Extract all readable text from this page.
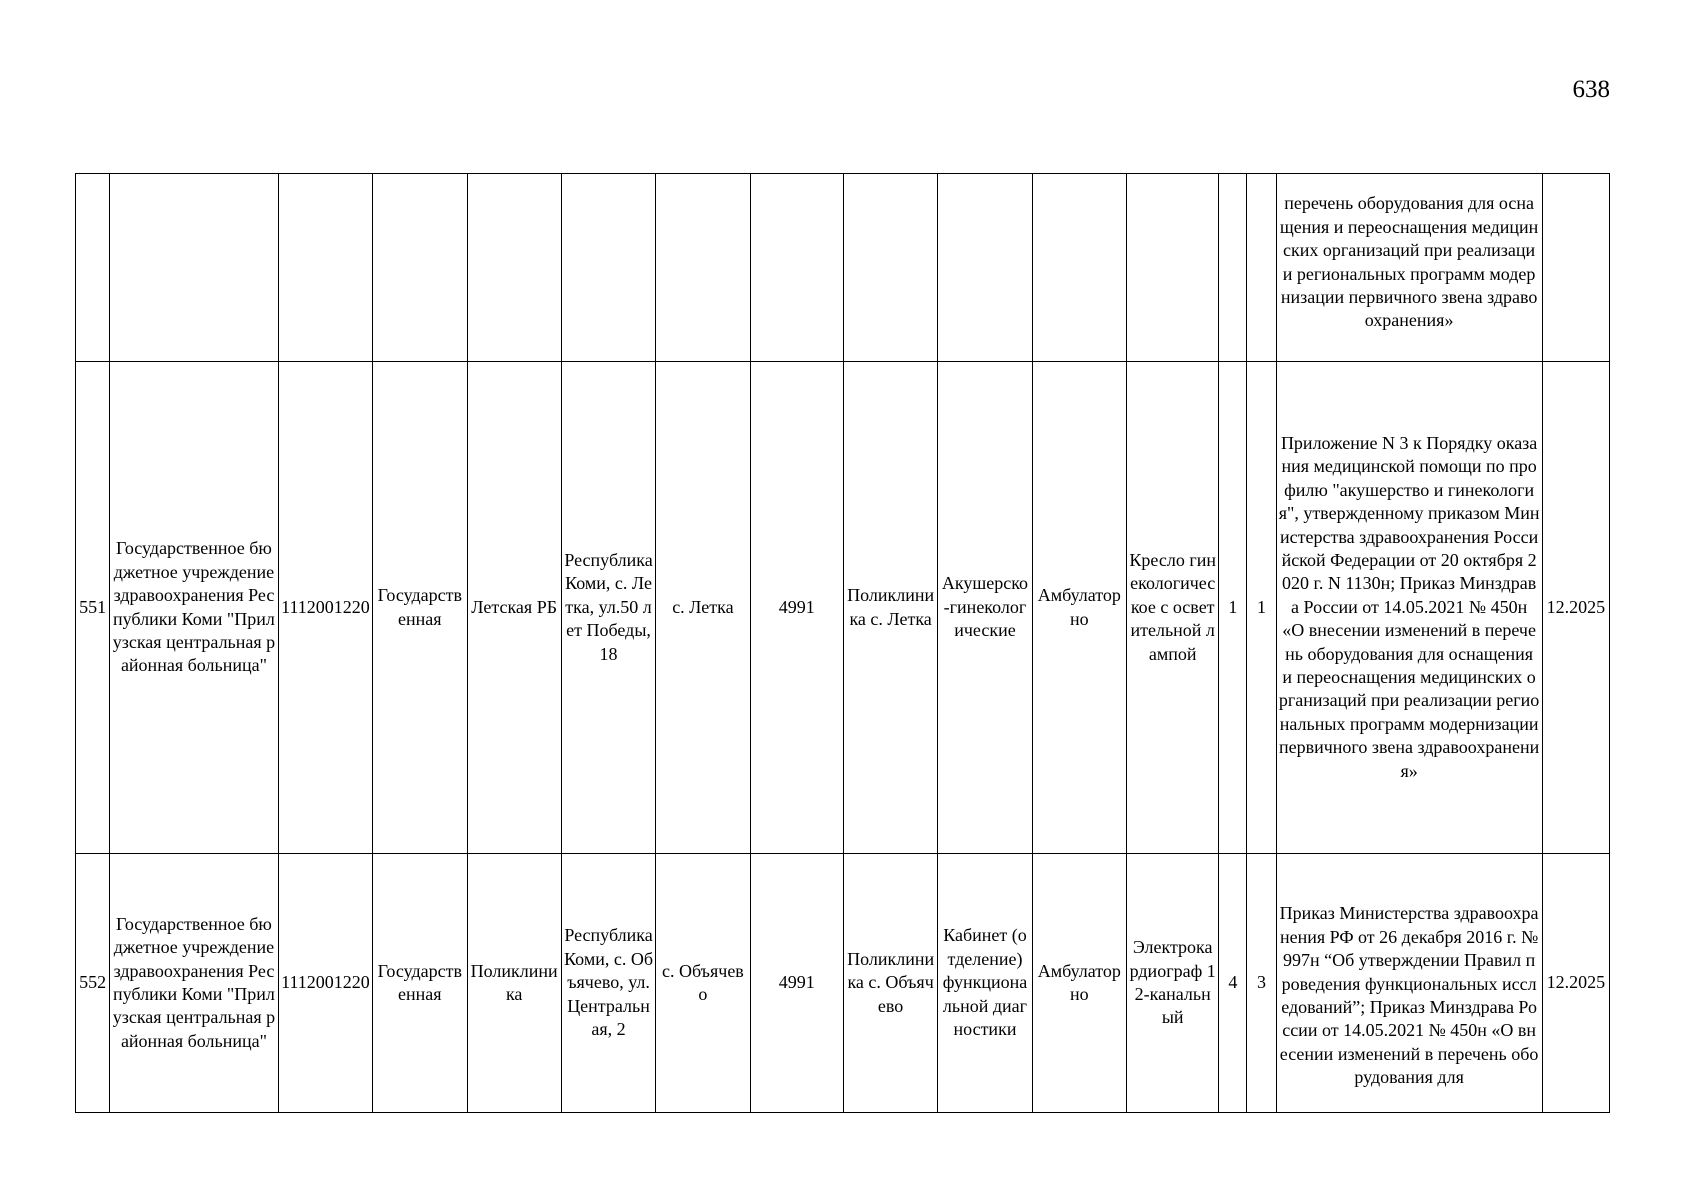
638

														перечень оборудования для оснащения и переоснащения медицинских организаций при реализации региональных программ модернизации первичного звена здравоохранения»	

551	Государственное бюджетное учреждение здравоохранения Республики Коми "Прилузская центральная районная больница"	1112001220	Государственная	Летская РБ	Республика Коми, с. Летка, ул.50 лет Победы, 18	с. Летка	4991	Поликлиника с. Летка	Акушерско-гинекологические	Амбулаторно	Кресло гинекологическое с осветительной лампой	1	1	Приложение N 3 к Порядку оказания медицинской помощи по профилю "акушерство и гинекология", утвержденному приказом Министерства здравоохранения Российской Федерации от 20 октября 2020 г. N 1130н; Приказ Минздрава России от 14.05.2021 № 450н «О внесении изменений в перечень оборудования для оснащения и переоснащения медицинских организаций при реализации региональных программ модернизации первичного звена здравоохранения»	12.2025
552	Государственное бюджетное учреждение здравоохранения Республики Коми "Прилузская центральная районная больница"	1112001220	Государственная	Поликлиника	Республика Коми, с. Объячево, ул.Центральная, 2	с. Объячево	4991	Поликлиника с. Объячево	Кабинет (отделение) функциональной диагностики	Амбулаторно	Электрокардиограф 12-канальный	4	3	Приказ Министерства здравоохранения РФ от 26 декабря 2016 г. № 997н “Об утверждении Правил проведения функциональных исследований”; Приказ Минздрава России от 14.05.2021 № 450н «О внесении изменений в перечень оборудования для	12.2025
